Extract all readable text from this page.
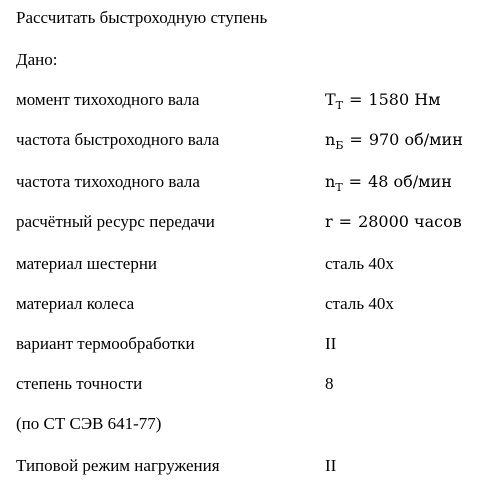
Рассчитать быстроходную ступень
Дано:
момент тихоходного вала	$T_Т = 1580$ Нм
частота быстроходного вала	$n_Б = 970$ об/мин
частота тихоходного вала	$n_Т = 48$ об/мин
расчётный ресурс передачи	r = 28000 часов
материал шестерни	сталь 40х
материал колеса	сталь 40х
вариант термообработки	II
степень точности	8
(по СТ СЭВ 641-77)
Типовой режим нагружения	II
